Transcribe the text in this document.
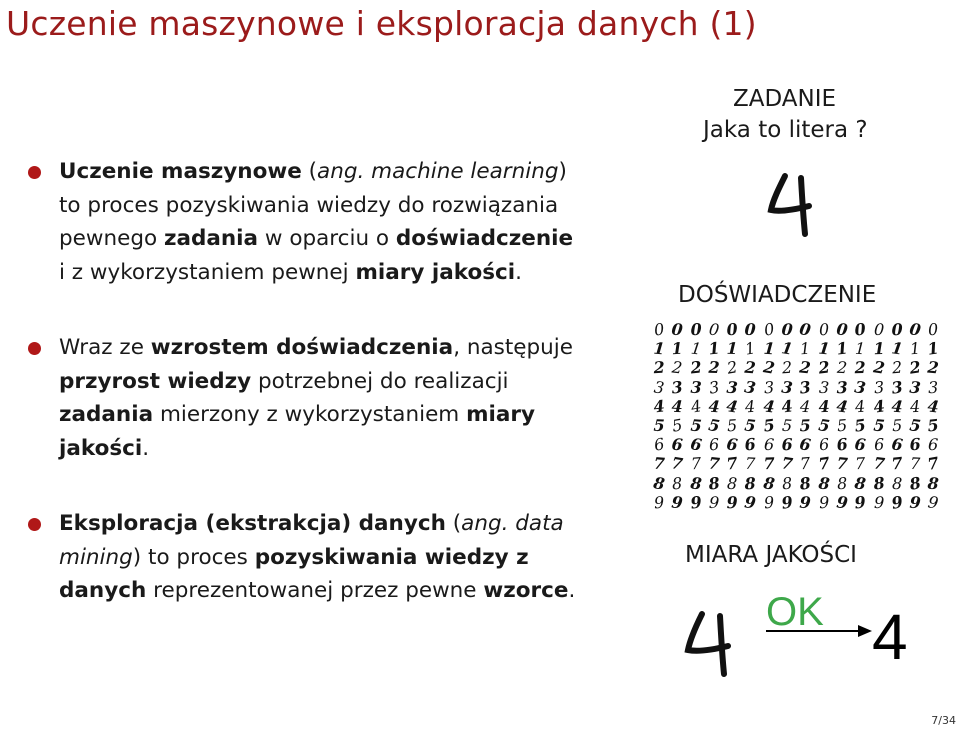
Uczenie maszynowe i eksploracja danych (1)
Uczenie maszynowe (ang. machine learning)
to proces pozyskiwania wiedzy do rozwiązania
pewnego zadania w oparciu o doświadczenie
i z wykorzystaniem pewnej miary jakości.
Wraz ze wzrostem doświadczenia, następuje
przyrost wiedzy potrzebnej do realizacji
zadania mierzony z wykorzystaniem miary
jakości.
Eksploracja (ekstrakcja) danych (ang. data
mining) to proces pozyskiwania wiedzy z
danych reprezentowanej przez pewne wzorce.
ZADANIE
Jaka to litera ?
DOŚWIADCZENIE
0 0 0 0 0 0 0 0 0 0 0 0 0 0 0 0
1 1 1 1 1 1 1 1 1 1 1 1 1 1 1 1
2 2 2 2 2 2 2 2 2 2 2 2 2 2 2 2
3 3 3 3 3 3 3 3 3 3 3 3 3 3 3 3
4 4 4 4 4 4 4 4 4 4 4 4 4 4 4 4
5 5 5 5 5 5 5 5 5 5 5 5 5 5 5 5
6 6 6 6 6 6 6 6 6 6 6 6 6 6 6 6
7 7 7 7 7 7 7 7 7 7 7 7 7 7 7 7
8 8 8 8 8 8 8 8 8 8 8 8 8 8 8 8
9 9 9 9 9 9 9 9 9 9 9 9 9 9 9 9
MIARA JAKOŚCI
OK 4
7/34
